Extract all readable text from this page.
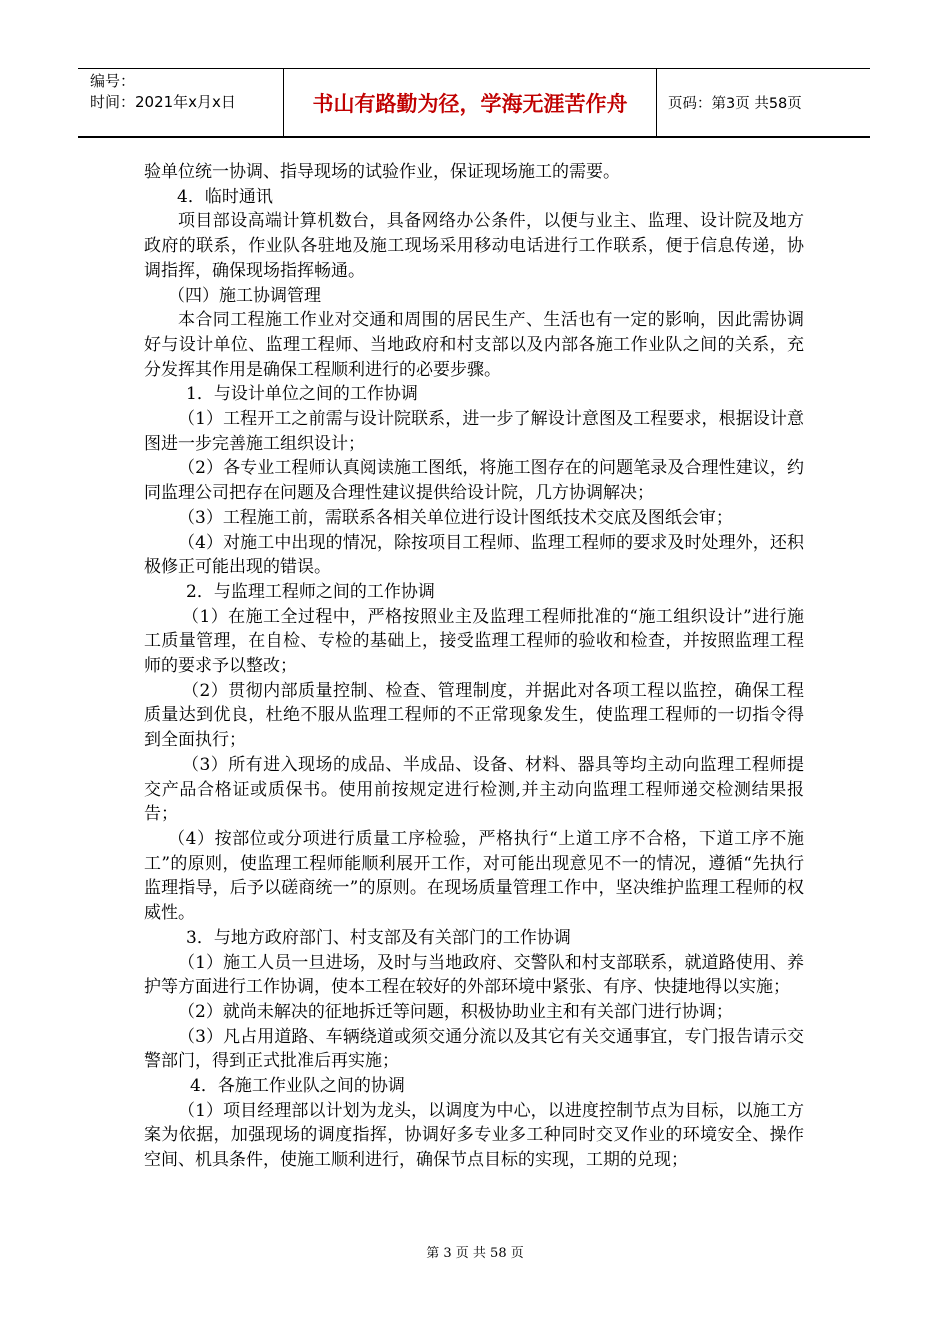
编号：
时间：2021年x月x日	书山有路勤为径，学海无涯苦作舟	页码：第3页 共58页

验单位统一协调、指导现场的试验作业，保证现场施工的需要。

4．临时通讯

项目部设高端计算机数台，具备网络办公条件，以便与业主、监理、设计院及地方政府的联系，作业队各驻地及施工现场采用移动电话进行工作联系，便于信息传递，协调指挥，确保现场指挥畅通。

（四）施工协调管理

本合同工程施工作业对交通和周围的居民生产、生活也有一定的影响，因此需协调好与设计单位、监理工程师、当地政府和村支部以及内部各施工作业队之间的关系，充分发挥其作用是确保工程顺利进行的必要步骤。

1．与设计单位之间的工作协调

（1）工程开工之前需与设计院联系，进一步了解设计意图及工程要求，根据设计意图进一步完善施工组织设计；

（2）各专业工程师认真阅读施工图纸，将施工图存在的问题笔录及合理性建议，约同监理公司把存在问题及合理性建议提供给设计院，几方协调解决；

（3）工程施工前，需联系各相关单位进行设计图纸技术交底及图纸会审；

（4）对施工中出现的情况，除按项目工程师、监理工程师的要求及时处理外，还积极修正可能出现的错误。

2．与监理工程师之间的工作协调

（1）在施工全过程中，严格按照业主及监理工程师批准的“施工组织设计”进行施工质量管理，在自检、专检的基础上，接受监理工程师的验收和检查，并按照监理工程师的要求予以整改；

（2）贯彻内部质量控制、检查、管理制度，并据此对各项工程以监控，确保工程质量达到优良，杜绝不服从监理工程师的不正常现象发生，使监理工程师的一切指令得到全面执行；

（3）所有进入现场的成品、半成品、设备、材料、器具等均主动向监理工程师提交产品合格证或质保书。使用前按规定进行检测,并主动向监理工程师递交检测结果报告；

（4）按部位或分项进行质量工序检验，严格执行“上道工序不合格，下道工序不施工”的原则，使监理工程师能顺利展开工作，对可能出现意见不一的情况，遵循“先执行监理指导，后予以磋商统一”的原则。在现场质量管理工作中，坚决维护监理工程师的权威性。

3．与地方政府部门、村支部及有关部门的工作协调

（1）施工人员一旦进场，及时与当地政府、交警队和村支部联系，就道路使用、养护等方面进行工作协调，使本工程在较好的外部环境中紧张、有序、快捷地得以实施；

（2）就尚未解决的征地拆迁等问题，积极协助业主和有关部门进行协调；

（3）凡占用道路、车辆绕道或须交通分流以及其它有关交通事宜，专门报告请示交警部门，得到正式批准后再实施；

4．各施工作业队之间的协调

（1）项目经理部以计划为龙头，以调度为中心，以进度控制节点为目标，以施工方案为依据，加强现场的调度指挥，协调好多专业多工种同时交叉作业的环境安全、操作空间、机具条件，使施工顺利进行，确保节点目标的实现，工期的兑现；

第 3 页 共 58 页
